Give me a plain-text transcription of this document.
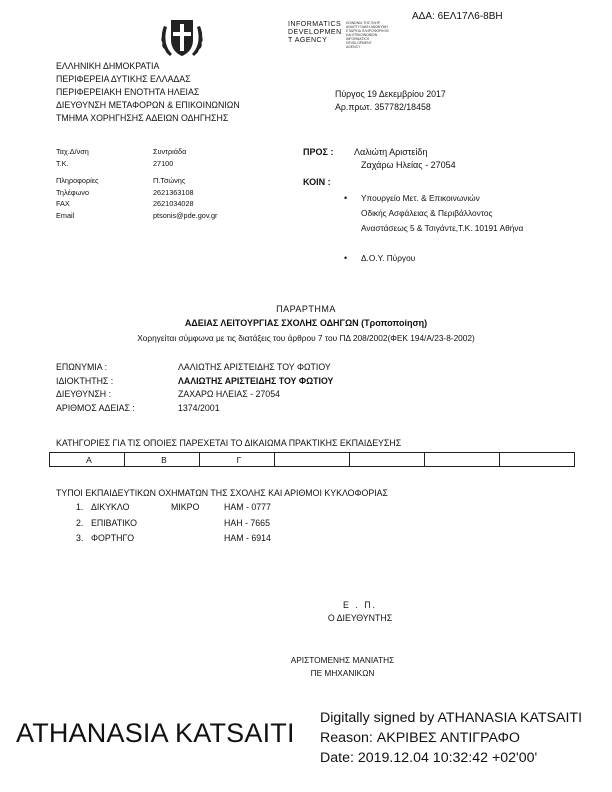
ΑΔΑ: 6ΕΛ17Λ6-8ΒΗ
INFORMATICS
DEVELOPMEN
T AGENCY
ΚΟΙΝΩΝΙΑ ΤΗΣ ΠΛΗΡ.
ΑΝΑΠΤΥΞΙΑΚΗ ΑΝΩΝΥΜΗ
ΕΤΑΙΡΕΙΑ ΠΛΗΡΟΦΟΡΙΚΗΣ
ΚΑΙ ΕΠΙΚΟΙΝΩΝΙΩΝ
INFORMATICS
DEVELOPMENT
AGENCY
ΕΛΛΗΝΙΚΗ ΔΗΜΟΚΡΑΤΙΑ
ΠΕΡΙΦΕΡΕΙΑ ΔΥΤΙΚΗΣ ΕΛΛΑΔΑΣ
ΠΕΡΙΦΕΡΕΙΑΚΗ ΕΝΟΤΗΤΑ ΗΛΕΙΑΣ
ΔΙΕΥΘΥΝΣΗ ΜΕΤΑΦΟΡΩΝ & ΕΠΙΚΟΙΝΩΝΙΩΝ
ΤΜΗΜΑ ΧΟΡΗΓΗΣΗΣ ΑΔΕΙΩΝ ΟΔΗΓΗΣΗΣ
Πύργος 19 Δεκεμβρίου 2017
Αρ.πρωτ. 357782/18458
Ταχ.Δ/νση	Συντριάδα
Τ.Κ.	27100
Πληροφορίες	Π.Τσώνης
Τηλέφωνο	2621363108
FAX	2621034028
Email	ptsonis@pde.gov.gr
ΠΡΟΣ : Λαλιώτη Αριστείδη
Ζαχάρω Ηλείας - 27054
ΚΟΙΝ :
• Υπουργείο Μετ. & Επικοινωνιών
Οδικής Ασφάλειας & Περιβάλλοντος
Αναστάσεως 5 & Τσιγάντε,Τ.Κ. 10191 Αθήνα
• Δ.Ο.Υ. Πύργου
ΠΑΡΑΡΤΗΜΑ
ΑΔΕΙΑΣ ΛΕΙΤΟΥΡΓΙΑΣ ΣΧΟΛΗΣ ΟΔΗΓΩΝ (Τροποποίηση)
Χορηγείται σύμφωνα με τις διατάξεις του άρθρου 7 του ΠΔ 208/2002(ΦΕΚ 194/Α/23-8-2002)
ΕΠΩΝΥΜΙΑ :	ΛΑΛΙΩΤΗΣ ΑΡΙΣΤΕΙΔΗΣ ΤΟΥ ΦΩΤΙΟΥ
ΙΔΙΟΚΤΗΤΗΣ :	ΛΑΛΙΩΤΗΣ ΑΡΙΣΤΕΙΔΗΣ ΤΟΥ ΦΩΤΙΟΥ
ΔΙΕΥΘΥΝΣΗ :	ΖΑΧΑΡΩ ΗΛΕΙΑΣ - 27054
ΑΡΙΘΜΟΣ ΑΔΕΙΑΣ :	1374/2001
ΚΑΤΗΓΟΡΙΕΣ ΓΙΑ ΤΙΣ ΟΠΟΙΕΣ ΠΑΡΕΧΕΤΑΙ ΤΟ ΔΙΚΑΙΩΜΑ ΠΡΑΚΤΙΚΗΣ ΕΚΠΑΙΔΕΥΣΗΣ
Α	Β	Γ				
ΤΥΠΟΙ ΕΚΠΑΙΔΕΥΤΙΚΩΝ ΟΧΗΜΑΤΩΝ ΤΗΣ ΣΧΟΛΗΣ ΚΑΙ ΑΡΙΘΜΟΙ ΚΥΚΛΟΦΟΡΙΑΣ
1. ΔΙΚΥΚΛΟ	ΜΙΚΡΟ	ΗΑΜ - 0777
2. ΕΠΙΒΑΤΙΚΟ	ΗΑΗ - 7665
3. ΦΟΡΤΗΓΟ	ΗΑΜ - 6914
Ε . Π.
Ο ΔΙΕΥΘΥΝΤΗΣ
ΑΡΙΣΤΟΜΕΝΗΣ ΜΑΝΙΑΤΗΣ
ΠΕ ΜΗΧΑΝΙΚΩΝ
ATHANASIA KATSAITI Digitally signed by ATHANASIA KATSAITI
Reason: ΑΚΡΙΒΕΣ ΑΝΤΙΓΡΑΦΟ
Date: 2019.12.04 10:32:42 +02'00'
